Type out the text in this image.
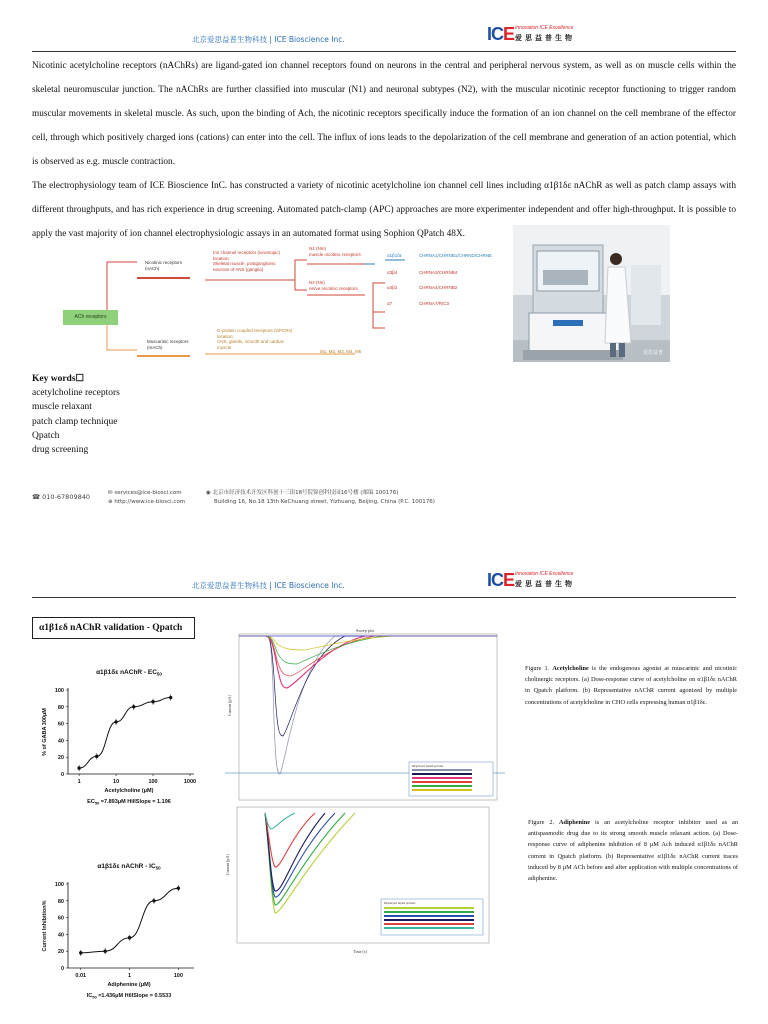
北京爱思益普生物科技 | ICE Bioscience Inc.	ICE Innovation ICE Excellence
爱思益普生物

Nicotinic acetylcholine receptors (nAChRs) are ligand-gated ion channel receptors found on neurons in the central and peripheral nervous system, as well as on muscle cells within the skeletal neuromuscular junction. The nAChRs are further classified into muscular (N1) and neuronal subtypes (N2), with the muscular nicotinic receptor functioning to trigger random muscular movements in skeletal muscle. As such, upon the binding of Ach, the nicotinic receptors specifically induce the formation of an ion channel on the cell membrane of the effector cell, through which positively charged ions (cations) can enter into the cell. The influx of ions leads to the depolarization of the cell membrane and generation of an action potential, which is observed as e.g. muscle contraction.

The electrophysiology team of ICE Bioscience InC. has constructed a variety of nicotinic acetylcholine ion channel cell lines including α1β1δε nAChR as well as patch clamp assays with different throughputs, and has rich experience in drug screening. Automated patch-clamp (APC) approaches are more experimenter independent and offer high-throughput. It is possible to apply the vast majority of ion channel electrophysiologic assays in an automated format using Sophion QPatch 48X.

ACh receptors
Nicotinic receptors
(nACh)
Ion channel receptors (ionotropic)
location:
Skeletal muscle, postganglionic
neurons of ANS (ganglia)
N1 (Nm)
muscle nicotinic receptors
N2 (Nn)
nerve nicotinic receptors
α1β1δε	CHRNA1/CHRNB1/CHRND/CHRNE
α3β4	CHRNA3/CHRNB4
α4β2	CHRNA4/CHRNB2
α7	CHRNA7/RIC3
Muscarinic receptors
(mACh)
G-protein coupled receptors (GPCRs)
location:
CNS, glands, smooth and cardiac
muscle
M1, M2, M3, M4, M5	爱思益普
Key words☐
acetylcholine receptors
muscle relaxant
patch clamp technique
Qpatch
drug screening
☎ 010-67809840	✉ services@ice-biosci.com
⊕ http://www.ice-biosci.com
◉ 北京市经济技术开发区科创十三街18号院锦创科技园16号楼 (邮编 100176)
Building 16, No.18 13th KeChuang street, Yizhuang, Beijing, China (P.C. 100176)
北京爱思益普生物科技 | ICE Bioscience Inc.	ICE Innovation ICE Excellence
爱思益普生物
α1β1εδ nAChR validation - Qpatch
α1β1δε nAChR - $EC_{50}$
0
20
40
60
80
100
1	10	100	1000
Acetylcholine (μM)
% of GABA 300μM
$EC_{50} =7.893\mu M$ HillSlope = 1.196
α1β1δε nAChR - $IC_{50}$
0
20
40
60
80
100
0.01	1	100
Adiphenine (μM)
Current Inhibition%
$IC_{50} =1.436\mu M$ HillSlope = 0.5533
Sweep plot
Current [pA]
Displayed liquid periods
Current [pA]
Time [s]
Displayed liquid periods
Figure 1. Acetylcholine is the endogenous agonist at muscarinic and nicotinic cholinergic receptors. (a) Dose-response curve of acetylcholine on α1β1δε nAChR in Qpatch platform. (b) Representative nAChR current agonized by multiple concentrations of acetylcholine in CHO cells expressing human α1β1δε.
Figure 2. Adiphenine is an acetylcholine receptor inhibitor used as an antispasmodic drug due to its strong smooth muscle relaxant action. (a) Dose-response curve of adiphenine inhibition of 8 μM Ach induced α1β1δε nAChR current in Qpatch platform. (b) Representative α1β1δε nAChR current traces induced by 8 μM ACh before and after application with multiple concentrations of adiphenine.
